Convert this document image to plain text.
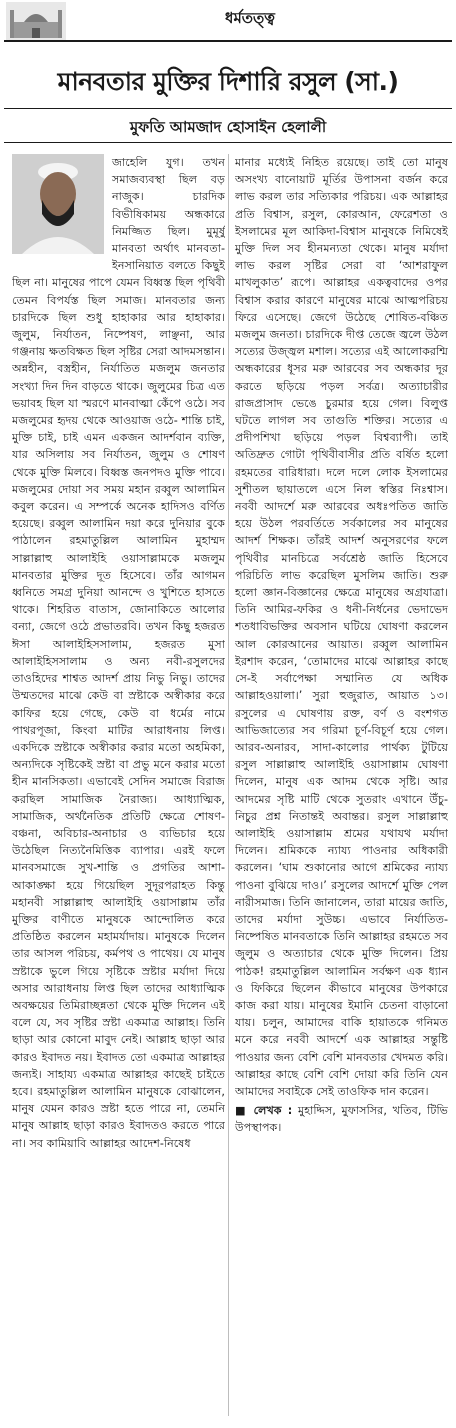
ধর্মতত্ত্ব
মানবতার মুক্তির দিশারি রসুল (সা.)
মুফতি আমজাদ হোসাইন হেলালী

জাহেলি যুগ। তখন সমাজব্যবস্থা ছিল বড় নাজুক। চারদিক বিভীষিকাময় অন্ধকারে নিমজ্জিত ছিল। মুমূর্ষু মানবতা অর্থাৎ মানবতা-ইনসানিয়াত বলতে কিছুই ছিল না। মানুষের পাপে যেমন বিধ্বস্ত ছিল পৃথিবী তেমন বিপর্যস্ত ছিল সমাজ। মানবতার জন্য চারদিকে ছিল শুধু হাহাকার আর হাহাকার। জুলুম, নির্যাতন, নিষ্পেষণ, লাঞ্ছনা, আর গঞ্জনায় ক্ষতবিক্ষত ছিল সৃষ্টির সেরা আদমসন্তান। অন্নহীন, বস্ত্রহীন, নির্যাতিত মজলুম জনতার সংখ্যা দিন দিন বাড়তে থাকে। জুলুমের চিত্র এত ভয়াবহ ছিল যা স্মরণে মানবাত্মা কেঁপে ওঠে। সব মজলুমের হৃদয় থেকে আওয়াজ ওঠে- শান্তি চাই, মুক্তি চাই, চাই এমন একজন আদর্শবান ব্যক্তি, যার অসিলায় সব নির্যাতন, জুলুম ও শোষণ থেকে মুক্তি মিলবে। বিধ্বস্ত জনপদও মুক্তি পাবে। মজলুমের দোয়া সব সময় মহান রব্বুল আলামিন কবুল করেন। এ সম্পর্কে অনেক হাদিসও বর্ণিত হয়েছে। রব্বুল আলামিন দয়া করে দুনিয়ার বুকে পাঠালেন রহমাতুল্লিল আলামিন মুহাম্মদ সাল্লাল্লাহু আলাইহি ওয়াসাল্লামকে মজলুম মানবতার মুক্তির দূত হিসেবে। তাঁর আগমন ধ্বনিতে সমগ্র দুনিয়া আনন্দে ও খুশিতে হাসতে থাকে। শিহরিত বাতাস, জোনাকিতে আলোর বন্যা, জেগে ওঠে প্রভাতরবি। তখন কিছু হজরত ঈসা আলাইহিসসালাম, হজরত মুসা আলাইহিসসালাম ও অন্য নবী-রসুলদের তাওহিদের শাশ্বত আদর্শ প্রায় নিভু নিভু। তাদের উম্মতদের মাঝে কেউ বা স্রষ্টাকে অস্বীকার করে কাফির হয়ে গেছে, কেউ বা ধর্মের নামে পাথরপূজা, কিংবা মাটির আরাধনায় লিপ্ত। একদিকে স্রষ্টাকে অস্বীকার করার মতো অহমিকা, অন্যদিকে সৃষ্টিকেই স্রষ্টা বা প্রভু মনে করার মতো হীন মানসিকতা। এভাবেই সেদিন সমাজে বিরাজ করছিল সামাজিক নৈরাজ্য। আধ্যাত্মিক, সামাজিক, অর্থনৈতিক প্রতিটি ক্ষেত্রে শোষণ-বঞ্চনা, অবিচার-অনাচার ও ব্যভিচার হয়ে উঠেছিল নিত্যনৈমিত্তিক ব্যাপার। এরই ফলে মানবসমাজে সুখ-শান্তি ও প্রগতির আশা-আকাঙ্ক্ষা হয়ে গিয়েছিল সুদূরপরাহত কিন্তু মহানবী সাল্লাল্লাহু আলাইহি ওয়াসাল্লাম তাঁর মুক্তির বাণীতে মানুষকে আন্দোলিত করে প্রতিষ্ঠিত করলেন মহামর্যাদায়। মানুষকে দিলেন তার আসল পরিচয়, কর্মপথ ও পাথেয়। যে মানুষ স্রষ্টাকে ভুলে গিয়ে সৃষ্টিকে স্রষ্টার মর্যাদা দিয়ে অসার আরাধনায় লিপ্ত ছিল তাদের আধ্যাত্মিক অবক্ষয়ের তিমিরাচ্ছন্নতা থেকে মুক্তি দিলেন এই বলে যে, সব সৃষ্টির স্রষ্টা একমাত্র আল্লাহ। তিনি ছাড়া আর কোনো মাবুদ নেই। আল্লাহ ছাড়া আর কারও ইবাদত নয়। ইবাদত তো একমাত্র আল্লাহর জন্যই। সাহায্য একমাত্র আল্লাহর কাছেই চাইতে হবে। রহমাতুল্লিল আলামিন মানুষকে বোঝালেন, মানুষ যেমন কারও স্রষ্টা হতে পারে না, তেমনি মানুষ আল্লাহ ছাড়া কারও ইবাদতও করতে পারে না। সব কামিয়াবি আল্লাহর আদেশ-নিষেধ

মানার মধ্যেই নিহিত রয়েছে। তাই তো মানুষ অসংখ্য বানোয়াট মূর্তির উপাসনা বর্জন করে লাভ করল তার সত্যিকার পরিচয়। এক আল্লাহর প্রতি বিশ্বাস, রসুল, কোরআন, ফেরেশতা ও ইসলামের মূল আকিদা-বিশ্বাস মানুষকে নিমিষেই মুক্তি দিল সব হীনমন্যতা থেকে। মানুষ মর্যাদা লাভ করল সৃষ্টির সেরা বা ‘আশরাফুল মাখলুকাত’ রূপে। আল্লাহর একত্ববাদের ওপর বিশ্বাস করার কারণে মানুষের মাঝে আত্মপরিচয় ফিরে এসেছে। জেগে উঠেছে শোষিত-বঞ্চিত মজলুম জনতা। চারদিকে দীপ্ত তেজে জ্বলে উঠল সত্যের উজ্জ্বল মশাল। সত্যের এই আলোকরশ্মি অন্ধকারের ধূসর মরু আরবের সব অন্ধকার দূর করতে ছড়িয়ে পড়ল সর্বত্র। অত্যাচারীর রাজপ্রাসাদ ভেঙে চুরমার হয়ে গেল। বিলুপ্ত ঘটতে লাগল সব তাগুতি শক্তির। সত্যের এ প্রদীপশিখা ছড়িয়ে পড়ল বিশ্বব্যাপী। তাই অতিদ্রুত গোটা পৃথিবীবাসীর প্রতি বর্ষিত হলো রহমতের বারিধারা। দলে দলে লোক ইসলামের সুশীতল ছায়াতলে এসে নিল স্বস্তির নিঃশ্বাস। নববী আদর্শে মরু আরবের অধঃপতিত জাতি হয়ে উঠল পরবর্তিতে সর্বকালের সব মানুষের আদর্শ শিক্ষক। তাঁরই আদর্শ অনুসরণের ফলে পৃথিবীর মানচিত্রে সর্বশ্রেষ্ঠ জাতি হিসেবে পরিচিতি লাভ করেছিল মুসলিম জাতি। শুরু হলো জ্ঞান-বিজ্ঞানের ক্ষেত্রে মানুষের অগ্রযাত্রা। তিনি আমির-ফকির ও ধনী-নির্ধনের ভেদাভেদ শতধাবিভক্তির অবসান ঘটিয়ে ঘোষণা করলেন আল কোরআনের আয়াত। রব্বুল আলামিন ইরশাদ করেন, ‘তোমাদের মাঝে আল্লাহর কাছে সে-ই সর্বাপেক্ষা সম্মানিত যে অধিক আল্লাহওয়ালা।’ সুরা হুজুরাত, আয়াত ১৩। রসুলের এ ঘোষণায় রক্ত, বর্ণ ও বংশগত আভিজাত্যের সব গরিমা চূর্ণ-বিচূর্ণ হয়ে গেল। আরব-অনারব, সাদা-কালোর পার্থক্য টুটিয়ে রসুল সাল্লাল্লাহু আলাইহি ওয়াসাল্লাম ঘোষণা দিলেন, মানুষ এক আদম থেকে সৃষ্টি। আর আদমের সৃষ্টি মাটি থেকে সুতরাং এখানে উঁচু-নিচুর প্রশ্ন নিতান্তই অবান্তর। রসুল সাল্লাল্লাহু আলাইহি ওয়াসাল্লাম শ্রমের যথাযথ মর্যাদা দিলেন। শ্রমিককে ন্যায্য পাওনার অধিকারী করলেন। ‘ঘাম শুকানোর আগে শ্রমিকের ন্যায্য পাওনা বুঝিয়ে দাও।’ রসুলের আদর্শে মুক্তি পেল নারীসমাজ। তিনি জানালেন, তারা মায়ের জাতি, তাদের মর্যাদা সুউচ্চ। এভাবে নির্যাতিত-নিষ্পেষিত মানবতাকে তিনি আল্লাহর রহমতে সব জুলুম ও অত্যাচার থেকে মুক্তি দিলেন। প্রিয় পাঠক! রহমাতুল্লিল আলামিন সর্বক্ষণ এক ধ্যান ও ফিকিরে ছিলেন কীভাবে মানুষের উপকারে কাজ করা যায়। মানুষের ইমানি চেতনা বাড়ানো যায়। চলুন, আমাদের বাকি হায়াতকে গনিমত মনে করে নববী আদর্শে এক আল্লাহর সন্তুষ্টি পাওয়ার জন্য বেশি বেশি মানবতার খেদমত করি। আল্লাহর কাছে বেশি বেশি দোয়া করি তিনি যেন আমাদের সবাইকে সেই তাওফিক দান করেন।

■ লেখক : মুহাদ্দিস, মুফাসসির, খতিব, টিভি উপস্থাপক।
